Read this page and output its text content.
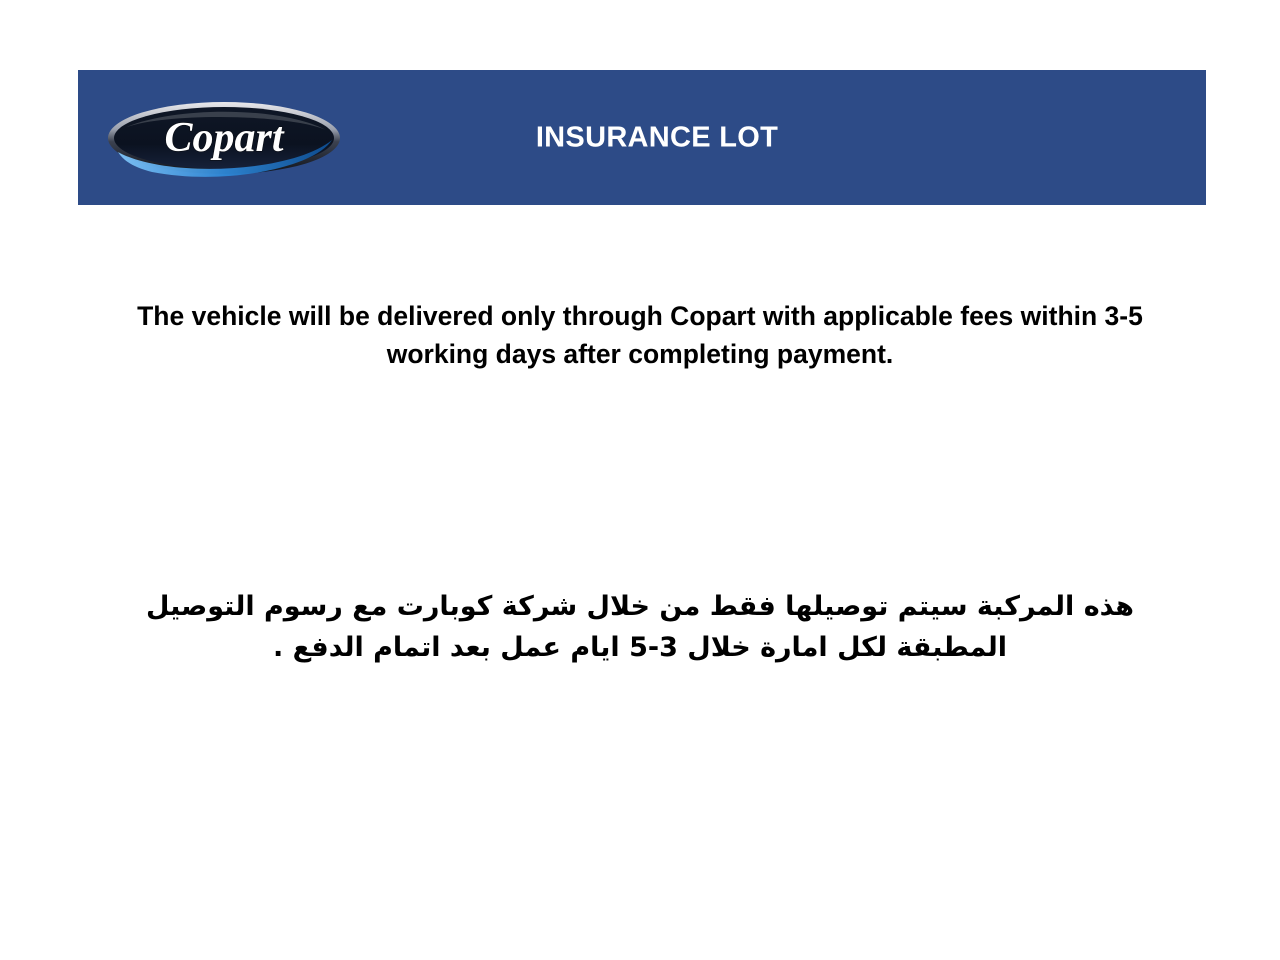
Copart	INSURANCE LOT
The vehicle will be delivered only through Copart with applicable fees within 3-5 working days after completing payment.
هذه المركبة سيتم توصيلها فقط من خلال شركة كوبارت مع رسوم التوصيل المطبقة لكل امارة خلال 3-5 ايام عمل بعد اتمام الدفع .
